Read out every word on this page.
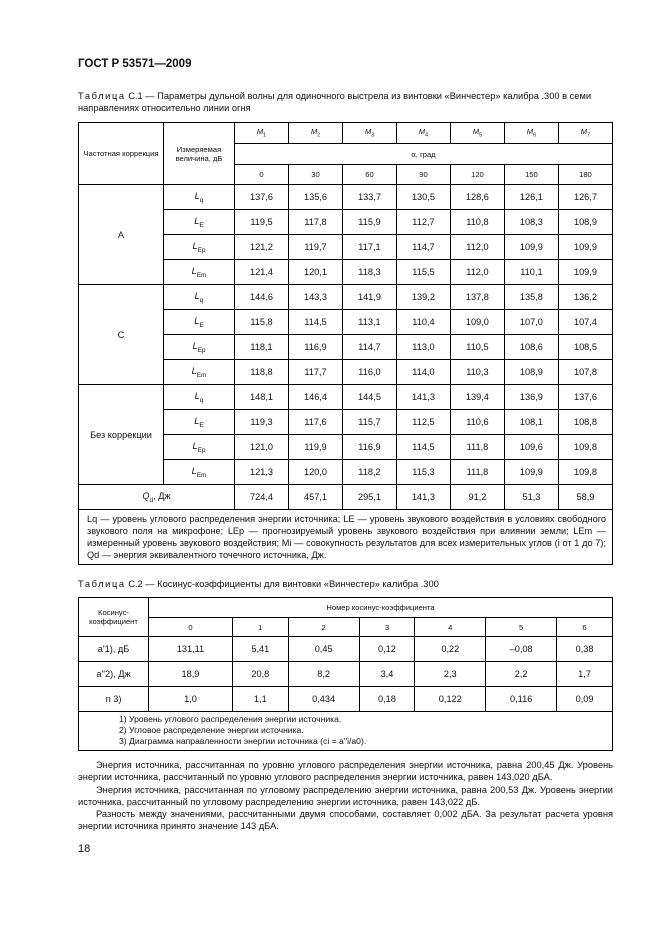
ГОСТ Р 53571—2009
Таблица С.1 — Параметры дульной волны для одиночного выстрела из винтовки «Винчестер» калибра .300 в семи направлениях относительно линии огня
Частотная коррекция	Измеряемая величина, дБ	$M_1$	$M_2$	$M_3$	$M_4$	$M_5$	$M_6$	$M_7$
		α, град						
		0	30	60	90	120	150	180
А	$L_q$	137,6	135,6	133,7	130,5	128,6	126,1	126,7
	$L_E$	119,5	117,8	115,9	112,7	110,8	108,3	108,9
	$L_{Ep}$	121,2	119,7	117,1	114,7	112,0	109,9	109,9
	$L_{Em}$	121,4	120,1	118,3	115,5	112,0	110,1	109,9
С	$L_q$	144,6	143,3	141,9	139,2	137,8	135,8	136,2
	$L_E$	115,8	114,5	113,1	110,4	109,0	107,0	107,4
	$L_{Ep}$	118,1	116,9	114,7	113,0	110,5	108,6	108,5
	$L_{Em}$	118,8	117,7	116,0	114,0	110,3	108,9	107,8
Без коррекции	$L_q$	148,1	146,4	144,5	141,3	139,4	136,9	137,6
	$L_E$	119,3	117,6	115,7	112,5	110,6	108,1	108,8
	$L_{Ep}$	121,0	119,9	116,9	114,5	111,8	109,6	109,8
	$L_{Em}$	121,3	120,0	118,2	115,3	111,8	109,9	109,8
$Q_d$, Дж		724,4	457,1	295,1	141,3	91,2	51,3	58,9
Lq — уровень углового распределения энергии источника; LE — уровень звукового воздействия в условиях свободного звукового поля на микрофоне; LEp — прогнозируемый уровень звукового воздействия при влиянии земли; LEm — измеренный уровень звукового воздействия; Mi — совокупность результатов для всех измерительных углов (i от 1 до 7); Qd — энергия эквивалентного точечного источника, Дж.								
Таблица С.2 — Косинус-коэффициенты для винтовки «Винчестер» калибра .300
Косинус-коэффициент	Номер косинус-коэффициента						
	0	1	2	3	4	5	6
a'1), дБ	131,11	5,41	0,45	0,12	0,22	–0,08	0,38
a''2), Дж	18,9	20,8	8,2	3,4	2,3	2,2	1,7
n 3)	1,0	1,1	0,434	0,18	0,122	0,116	0,09

1) Уровень углового распределения энергии источника.
2) Угловое распределение энергии источника.
3) Диаграмма направленности энергии источника (ci = a''i/a0).							

Энергия источника, рассчитанная по уровню углового распределения энергии источника, равна 200,45 Дж. Уровень энергии источника, рассчитанный по уровню углового распределения энергии источника, равен 143,020 дБА.

Энергия источника, рассчитанная по угловому распределению энергии источника, равна 200,53 Дж. Уровень энергии источника, рассчитанный по угловому распределению энергии источника, равен 143,022 дБ.

Разность между значениями, рассчитанными двумя способами, составляет 0,002 дБА. За результат расчета уровня энергии источника принято значение 143 дБА.

18
